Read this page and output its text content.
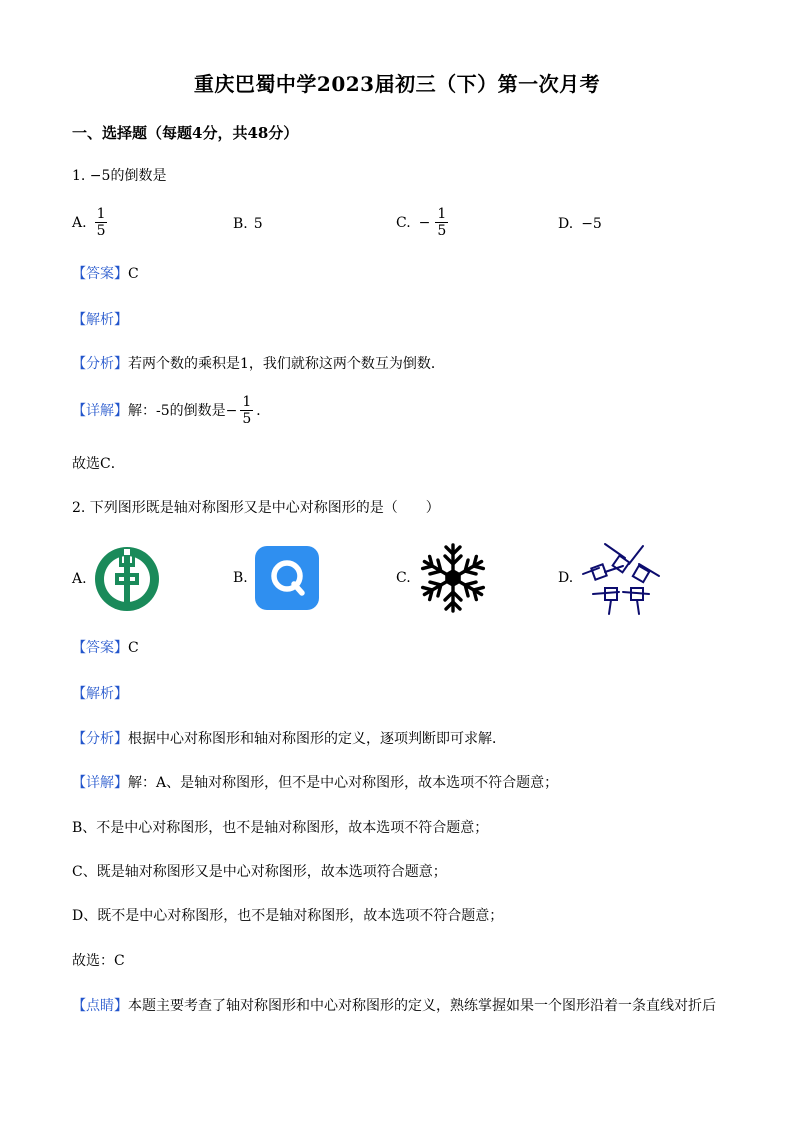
重庆巴蜀中学2023届初三（下）第一次月考
一、选择题（每题4分，共48分）
1. −5的倒数是
A. $\frac{1}{5}$	B. 5	C. − $\frac{1}{5}$	D. −5
【答案】C
【解析】
【分析】若两个数的乘积是1，我们就称这两个数互为倒数．
【详解】 解：-5的倒数是− $\frac{1}{5}$ ．
故选C．
2. 下列图形既是轴对称图形又是中心对称图形的是（　　）
A.	B.	C.	D.
【答案】C
【解析】
【分析】根据中心对称图形和轴对称图形的定义，逐项判断即可求解．
【详解】解：A、是轴对称图形，但不是中心对称图形，故本选项不符合题意；
B、不是中心对称图形，也不是轴对称图形，故本选项不符合题意；
C、既是轴对称图形又是中心对称图形，故本选项符合题意；
D、既不是中心对称图形，也不是轴对称图形，故本选项不符合题意；
故选：C
【点睛】本题主要考查了轴对称图形和中心对称图形的定义，熟练掌握如果一个图形沿着一条直线对折后
